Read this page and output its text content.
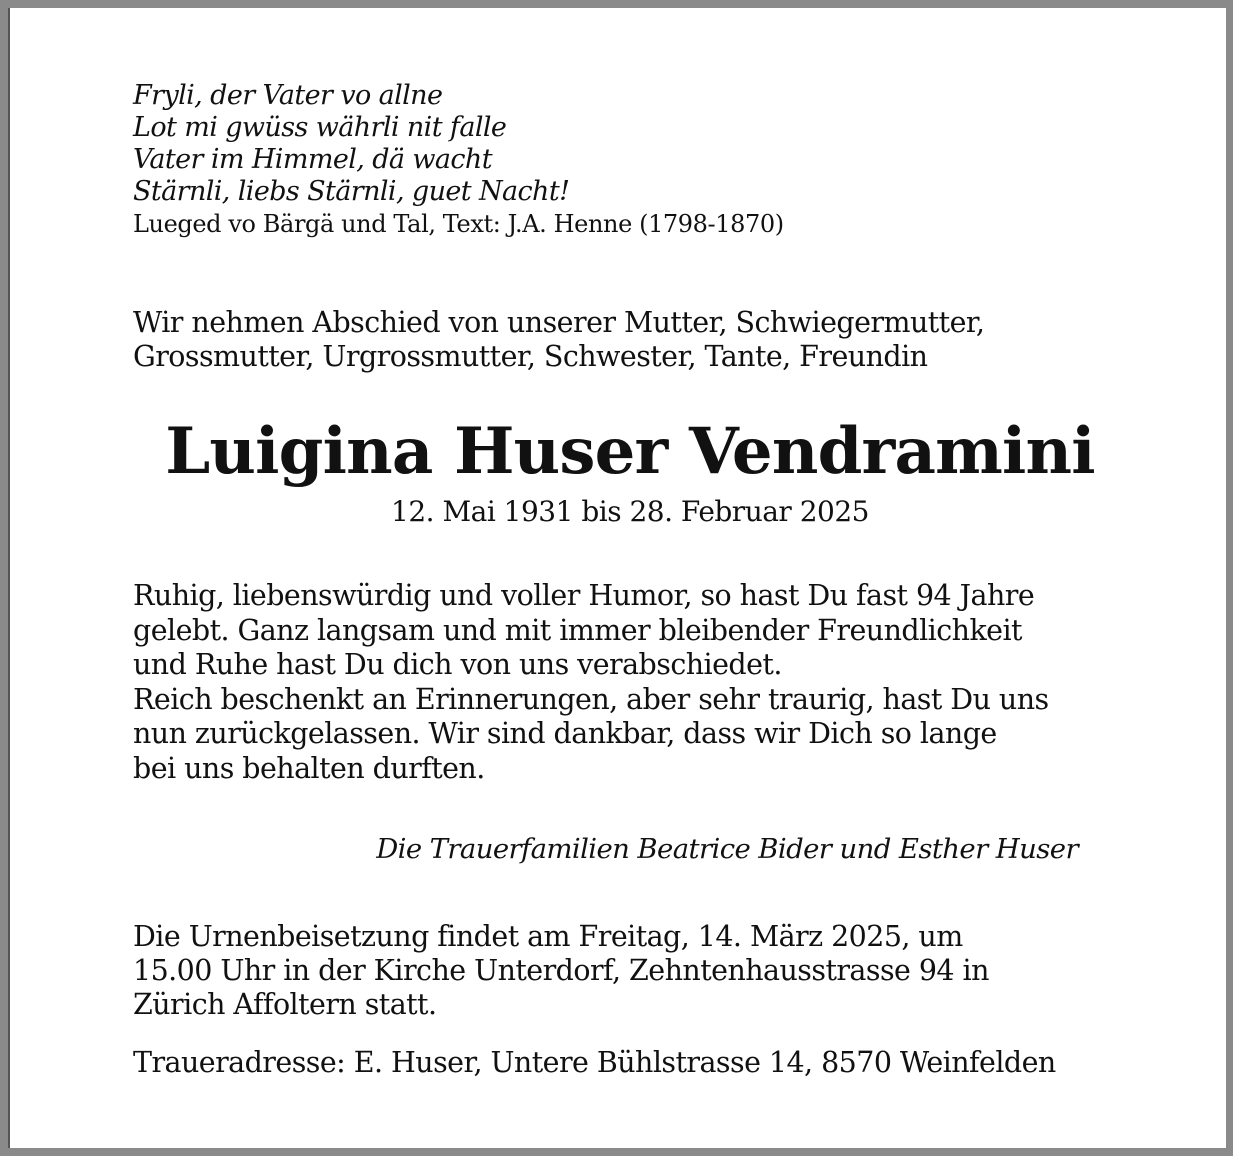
Fryli, der Vater vo allne
Lot mi gwüss währli nit falle
Vater im Himmel, dä wacht
Stärnli, liebs Stärnli, guet Nacht!
Lueged vo Bärgä und Tal, Text: J.A. Henne (1798-1870)
Wir nehmen Abschied von unserer Mutter, Schwiegermutter,
Grossmutter, Urgrossmutter, Schwester, Tante, Freundin
Luigina Huser Vendramini
12. Mai 1931 bis 28. Februar 2025
Ruhig, liebenswürdig und voller Humor, so hast Du fast 94 Jahre
gelebt. Ganz langsam und mit immer bleibender Freundlichkeit
und Ruhe hast Du dich von uns verabschiedet.
Reich beschenkt an Erinnerungen, aber sehr traurig, hast Du uns
nun zurückgelassen. Wir sind dankbar, dass wir Dich so lange
bei uns behalten durften.
Die Trauerfamilien Beatrice Bider und Esther Huser
Die Urnenbeisetzung findet am Freitag, 14. März 2025, um
15.00 Uhr in der Kirche Unterdorf, Zehntenhausstrasse 94 in
Zürich Affoltern statt.
Traueradresse: E. Huser, Untere Bühlstrasse 14, 8570 Weinfelden
